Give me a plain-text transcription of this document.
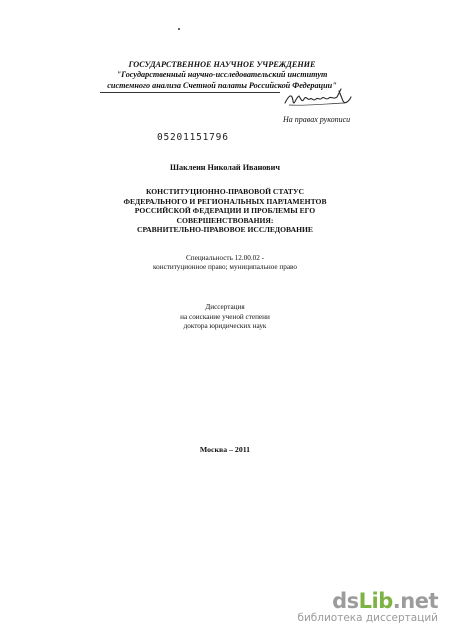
ГОСУДАРСТВЕННОЕ НАУЧНОЕ УЧРЕЖДЕНИЕ
"Государственный научно-исследовательский институт
системного анализа Счетной палаты Российской Федерации"
На правах рукописи
05201151796
Шаклеин Николай Иванович
КОНСТИТУЦИОННО-ПРАВОВОЙ СТАТУС
ФЕДЕРАЛЬНОГО И РЕГИОНАЛЬНЫХ ПАРЛАМЕНТОВ
РОССИЙСКОЙ ФЕДЕРАЦИИ И ПРОБЛЕМЫ ЕГО
СОВЕРШЕНСТВОВАНИЯ:
СРАВНИТЕЛЬНО-ПРАВОВОЕ ИССЛЕДОВАНИЕ
Специальность 12.00.02 -
конституционное право; муниципальное право
Диссертация
на соискание ученой степени
доктора юридических наук
Москва – 2011
dsLib.net
библиотека диссертаций
